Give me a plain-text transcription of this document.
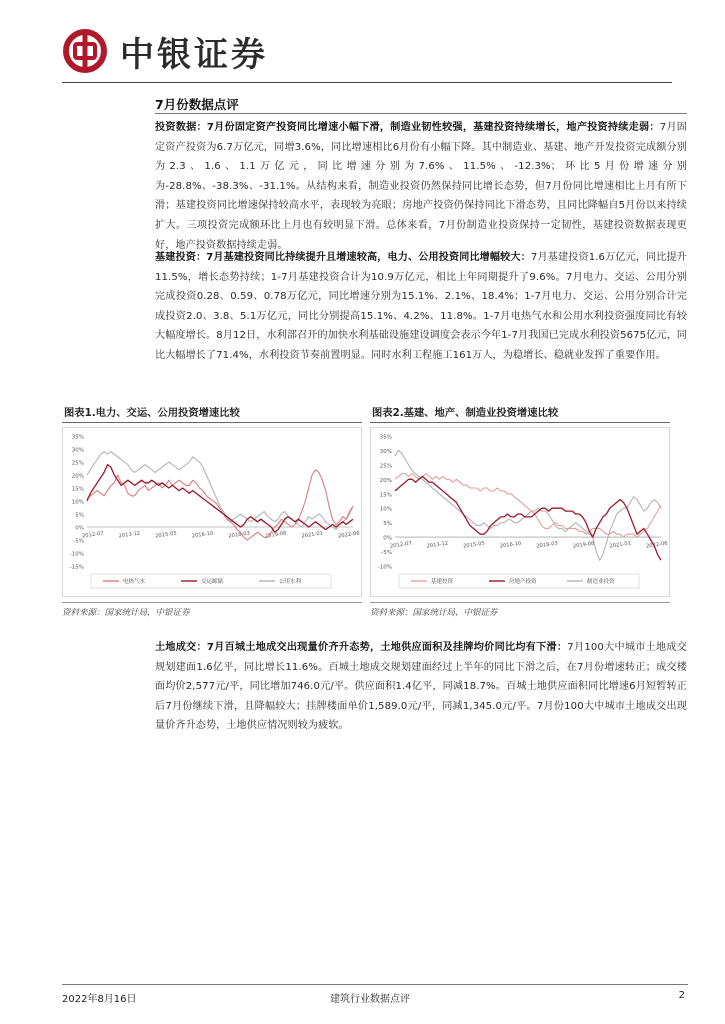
中银证券
7月份数据点评
投资数据：7月份固定资产投资同比增速小幅下滑，制造业韧性较强，基建投资持续增长，地产投资持续走弱：7月固定资产投资为6.7万亿元，同增3.6%，同比增速相比6月份有小幅下降。其中制造业、基建、地产开发投资完成额分别为2.3、1.6、1.1万亿元，同比增速分别为7.6%、11.5%、-12.3%；环比5月份增速分别为-28.8%、-38.3%、-31.1%。从结构来看，制造业投资仍然保持同比增长态势，但7月份同比增速相比上月有所下滑；基建投资同比增速保持较高水平，表现较为亮眼；房地产投资仍保持同比下滑态势，且同比降幅自5月份以来持续扩大。三项投资完成额环比上月也有较明显下滑。总体来看，7月份制造业投资保持一定韧性，基建投资数据表现更好，地产投资数据持续走弱。
基建投资：7月基建投资同比持续提升且增速较高，电力、公用投资同比增幅较大：7月基建投资1.6万亿元，同比提升11.5%，增长态势持续；1-7月基建投资合计为10.9万亿元，相比上年同期提升了9.6%。7月电力、交运、公用分别完成投资0.28、0.59、0.78万亿元，同比增速分别为15.1%、2.1%、18.4%；1-7月电力、交运、公用分别合计完成投资2.0、3.8、5.1万亿元，同比分别提高15.1%、4.2%、11.8%。1-7月电热气水和公用水利投资强度同比有较大幅度增长。8月12日，水利部召开的加快水利基础设施建设调度会表示今年1-7月我国已完成水利投资5675亿元，同比大幅增长了71.4%，水利投资节奏前置明显。同时水利工程施工161万人，为稳增长、稳就业发挥了重要作用。
图表1.电力、交运、公用投资增速比较
35%
30%
25%
20%
15%
10%
5%
0%
-5%
-10%
-15%
2012-07	2013-12	2015-05	2016-10	2018-03	2019-08	2021-01	2022-06
电热气水	交运邮储	公用水利
资料来源：国家统计局，中银证券
图表2.基建、地产、制造业投资增速比较
35%
30%
25%
20%
15%
10%
5%
0%
-5%
-10%
2012-07	2013-12	2015-05	2016-10	2018-03	2019-08	2021-01	2022-06
基建投资	房地产投资	制造业投资
资料来源：国家统计局，中银证券
土地成交：7月百城土地成交出现量价齐升态势，土地供应面积及挂牌均价同比均有下滑：7月100大中城市土地成交规划建面1.6亿平，同比增长11.6%。百城土地成交规划建面经过上半年的同比下滑之后，在7月份增速转正；成交楼面均价2,577元/平，同比增加746.0元/平。供应面积1.4亿平，同减18.7%。百城土地供应面积同比增速6月短暂转正后7月份继续下滑，且降幅较大；挂牌楼面单价1,589.0元/平，同减1,345.0元/平。7月份100大中城市土地成交出现量价齐升态势，土地供应情况则较为疲软。
2022年8月16日	建筑行业数据点评	2
